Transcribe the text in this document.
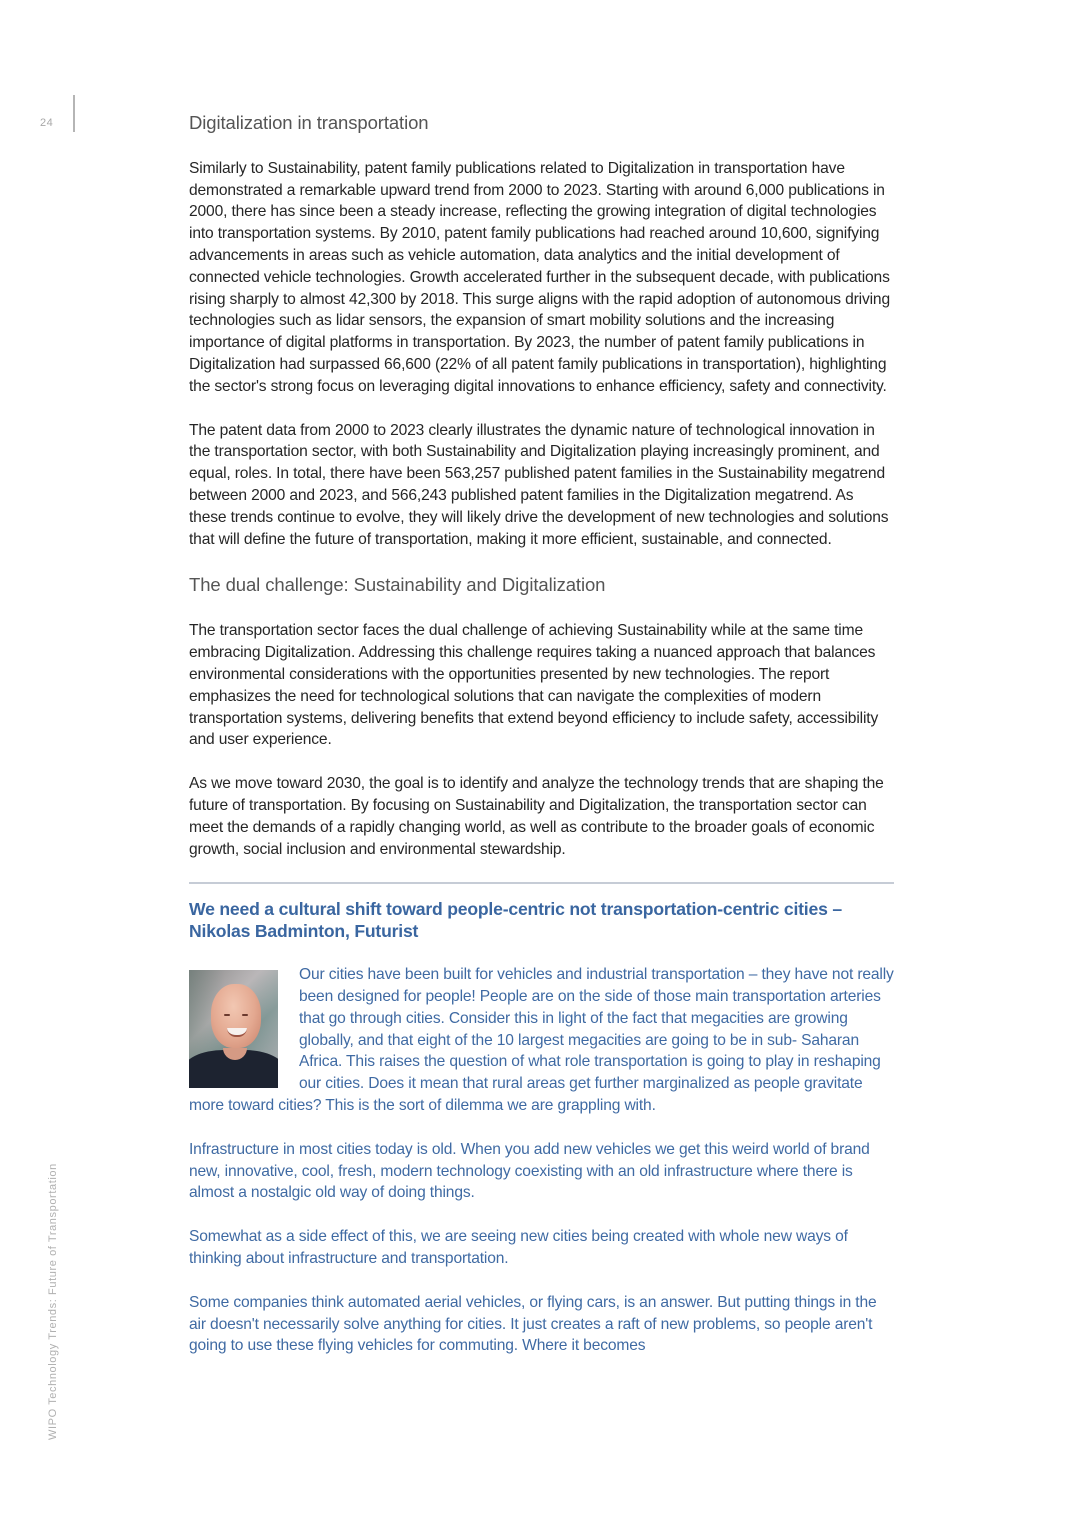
24
WIPO Technology Trends: Future of Transportation
Digitalization in transportation

Similarly to Sustainability, patent family publications related to Digitalization in transportation have demonstrated a remarkable upward trend from 2000 to 2023. Starting with around 6,000 publications in 2000, there has since been a steady increase, reflecting the growing integration of digital technologies into transportation systems. By 2010, patent family publications had reached around 10,600, signifying advancements in areas such as vehicle automation, data analytics and the initial development of connected vehicle technologies. Growth accelerated further in the subsequent decade, with publications rising sharply to almost 42,300 by 2018. This surge aligns with the rapid adoption of autonomous driving technologies such as lidar sensors, the expansion of smart mobility solutions and the increasing importance of digital platforms in transportation. By 2023, the number of patent family publications in Digitalization had surpassed 66,600 (22% of all patent family publications in transportation), highlighting the sector's strong focus on leveraging digital innovations to enhance efficiency, safety and connectivity.

The patent data from 2000 to 2023 clearly illustrates the dynamic nature of technological innovation in the transportation sector, with both Sustainability and Digitalization playing increasingly prominent, and equal, roles. In total, there have been 563,257 published patent families in the Sustainability megatrend between 2000 and 2023, and 566,243 published patent families in the Digitalization megatrend. As these trends continue to evolve, they will likely drive the development of new technologies and solutions that will define the future of transportation, making it more efficient, sustainable, and connected.

The dual challenge: Sustainability and Digitalization

The transportation sector faces the dual challenge of achieving Sustainability while at the same time embracing Digitalization. Addressing this challenge requires taking a nuanced approach that balances environmental considerations with the opportunities presented by new technologies. The report emphasizes the need for technological solutions that can navigate the complexities of modern transportation systems, delivering benefits that extend beyond efficiency to include safety, accessibility and user experience.

As we move toward 2030, the goal is to identify and analyze the technology trends that are shaping the future of transportation. By focusing on Sustainability and Digitalization, the transportation sector can meet the demands of a rapidly changing world, as well as contribute to the broader goals of economic growth, social inclusion and environmental stewardship.

We need a cultural shift toward people-centric not transportation-centric cities – Nikolas Badminton, Futurist

Our cities have been built for vehicles and industrial transportation – they have not really been designed for people! People are on the side of those main transportation arteries that go through cities. Consider this in light of the fact that megacities are growing globally, and that eight of the 10 largest megacities are going to be in sub- Saharan Africa. This raises the question of what role transportation is going to play in reshaping our cities. Does it mean that rural areas get further marginalized as people gravitate more toward cities? This is the sort of dilemma we are grappling with.

Infrastructure in most cities today is old. When you add new vehicles we get this weird world of brand new, innovative, cool, fresh, modern technology coexisting with an old infrastructure where there is almost a nostalgic old way of doing things.

Somewhat as a side effect of this, we are seeing new cities being created with whole new ways of thinking about infrastructure and transportation.

Some companies think automated aerial vehicles, or flying cars, is an answer. But putting things in the air doesn't necessarily solve anything for cities. It just creates a raft of new problems, so people aren't going to use these flying vehicles for commuting. Where it becomes
